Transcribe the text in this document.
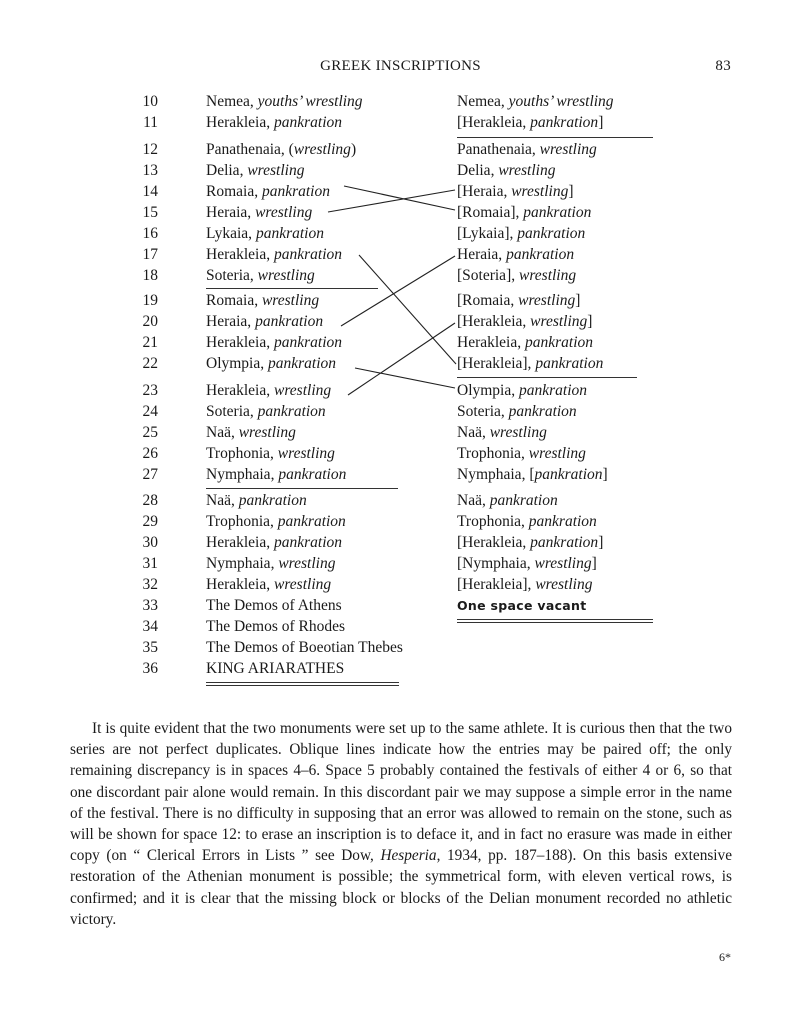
GREEK INSCRIPTIONS	83
10	Nemea, youths’ wrestling	Nemea, youths’ wrestling
11	Herakleia, pankration	[Herakleia, pankration]
12	Panathenaia, (wrestling)	Panathenaia, wrestling
13	Delia, wrestling	Delia, wrestling
14	Romaia, pankration	[Heraia, wrestling]
15	Heraia, wrestling	[Romaia], pankration
16	Lykaia, pankration	[Lykaia], pankration
17	Herakleia, pankration	Heraia, pankration
18	Soteria, wrestling	[Soteria], wrestling
19	Romaia, wrestling	[Romaia, wrestling]
20	Heraia, pankration	[Herakleia, wrestling]
21	Herakleia, pankration	Herakleia, pankration
22	Olympia, pankration	[Herakleia], pankration
23	Herakleia, wrestling	Olympia, pankration
24	Soteria, pankration	Soteria, pankration
25	Naä, wrestling	Naä, wrestling
26	Trophonia, wrestling	Trophonia, wrestling
27	Nymphaia, pankration	Nymphaia, [pankration]
28	Naä, pankration	Naä, pankration
29	Trophonia, pankration	Trophonia, pankration
30	Herakleia, pankration	[Herakleia, pankration]
31	Nymphaia, wrestling	[Nymphaia, wrestling]
32	Herakleia, wrestling	[Herakleia], wrestling
33	The Demos of Athens	One space vacant
34	The Demos of Rhodes
35	The Demos of Boeotian Thebes
36	KING ARIARATHES

It is quite evident that the two monuments were set up to the same athlete. It is curious then that the two series are not perfect duplicates. Oblique lines indicate how the entries may be paired off; the only remaining discrepancy is in spaces 4–6. Space 5 probably contained the festivals of either 4 or 6, so that one discordant pair alone would remain. In this discordant pair we may suppose a simple error in the name of the festival. There is no difficulty in supposing that an error was allowed to remain on the stone, such as will be shown for space 12: to erase an inscription is to deface it, and in fact no erasure was made in either copy (on “ Clerical Errors in Lists ” see Dow, Hesperia, 1934, pp. 187–188). On this basis extensive restoration of the Athenian monument is possible; the symmetrical form, with eleven vertical rows, is confirmed; and it is clear that the missing block or blocks of the Delian monument recorded no athletic victory.

6*
